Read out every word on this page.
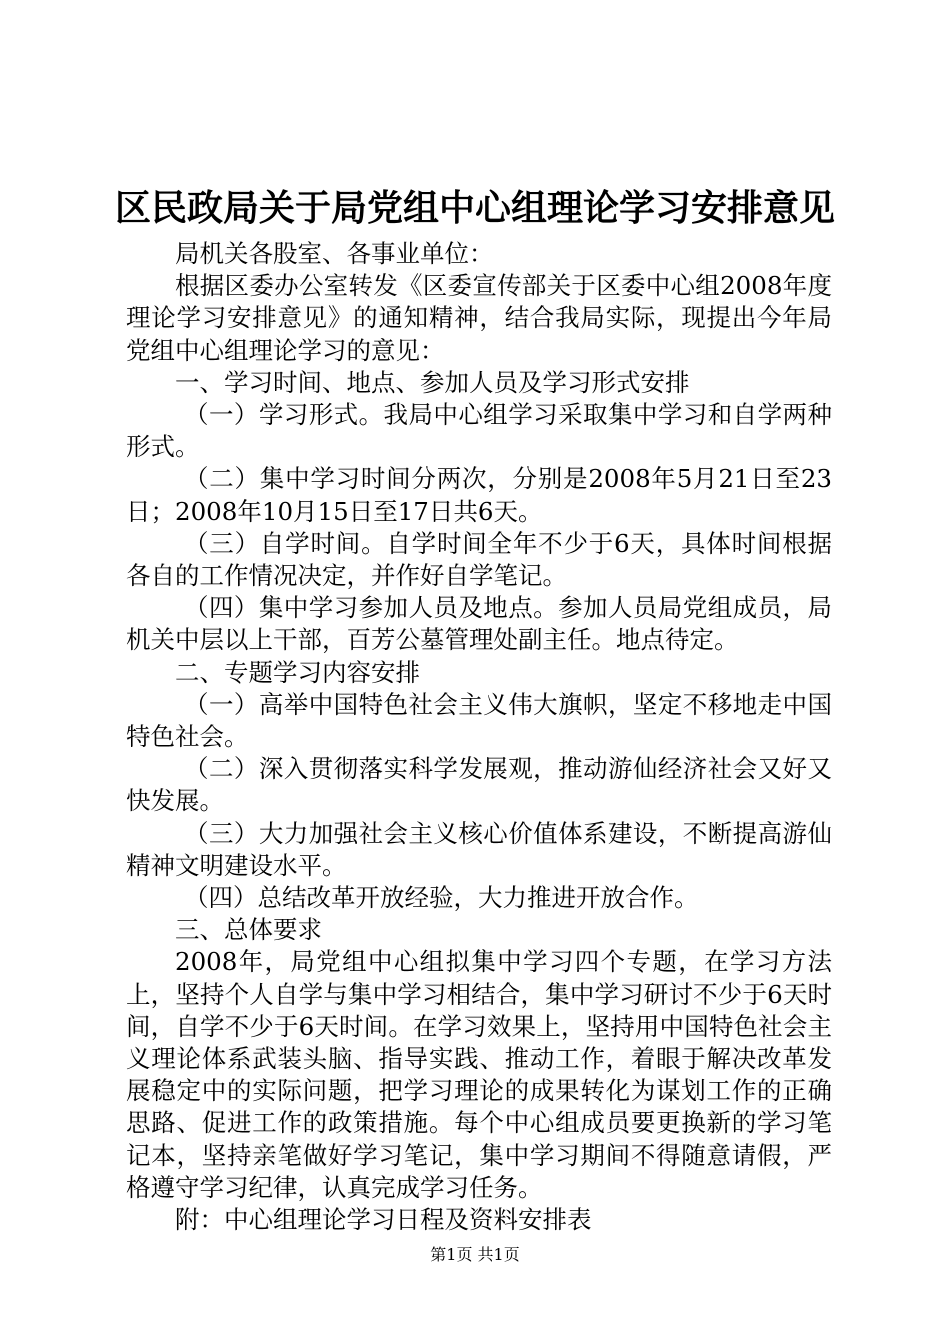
区民政局关于局党组中心组理论学习安排意见

局机关各股室、各事业单位：

根据区委办公室转发《区委宣传部关于区委中心组2008年度理论学习安排意见》的通知精神，结合我局实际，现提出今年局党组中心组理论学习的意见：

一、学习时间、地点、参加人员及学习形式安排

（一）学习形式。我局中心组学习采取集中学习和自学两种形式。

（二）集中学习时间分两次，分别是2008年5月21日至23日；2008年10月15日至17日共6天。

（三）自学时间。自学时间全年不少于6天，具体时间根据各自的工作情况决定，并作好自学笔记。

（四）集中学习参加人员及地点。参加人员局党组成员，局机关中层以上干部，百芳公墓管理处副主任。地点待定。

二、专题学习内容安排

（一）高举中国特色社会主义伟大旗帜，坚定不移地走中国特色社会。

（二）深入贯彻落实科学发展观，推动游仙经济社会又好又快发展。

（三）大力加强社会主义核心价值体系建设，不断提高游仙精神文明建设水平。

（四）总结改革开放经验，大力推进开放合作。

三、总体要求

2008年，局党组中心组拟集中学习四个专题，在学习方法上，坚持个人自学与集中学习相结合，集中学习研讨不少于6天时间，自学不少于6天时间。在学习效果上，坚持用中国特色社会主义理论体系武装头脑、指导实践、推动工作，着眼于解决改革发展稳定中的实际问题，把学习理论的成果转化为谋划工作的正确思路、促进工作的政策措施。每个中心组成员要更换新的学习笔记本，坚持亲笔做好学习笔记，集中学习期间不得随意请假，严格遵守学习纪律，认真完成学习任务。

附：中心组理论学习日程及资料安排表

第1页 共1页
